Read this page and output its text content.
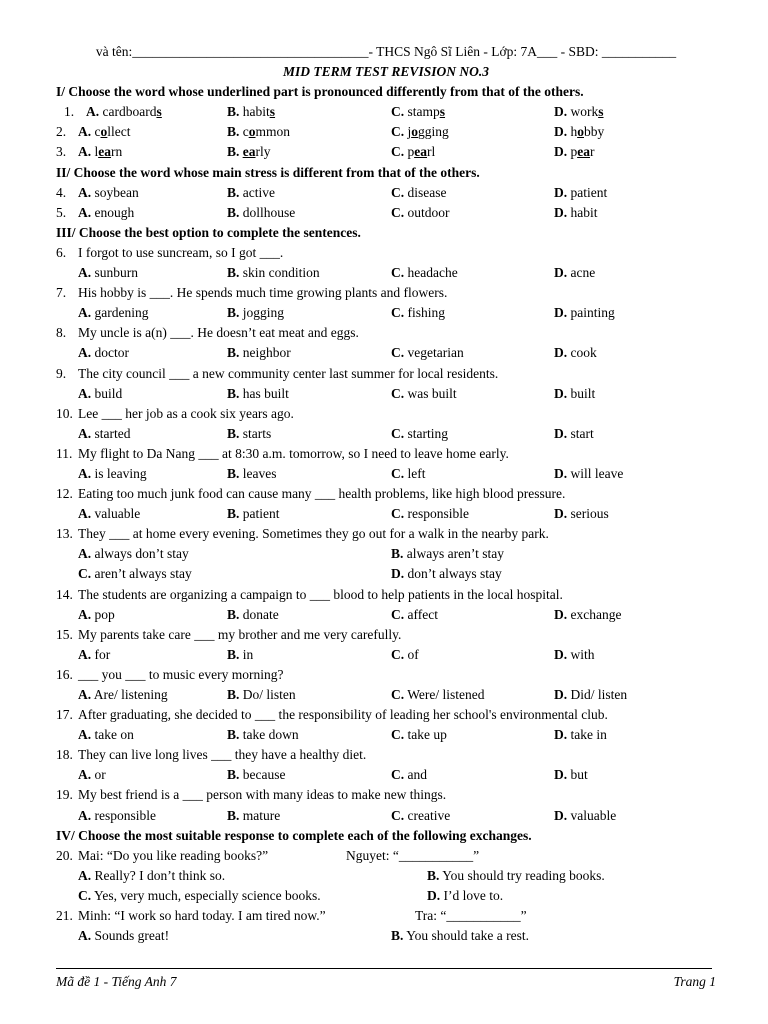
và tên:___________________________________- THCS Ngô Sĩ Liên - Lớp: 7A___ - SBD: ___________
MID TERM TEST REVISION NO.3
I/ Choose the word whose underlined part is pronounced differently from that of the others.
1. A. cardboards	B. habits	C. stamps	D. works
2. A. collect	B. common	C. jogging	D. hobby
3. A. learn	B. early	C. pearl	D. pear
II/ Choose the word whose main stress is different from that of the others.
4. A. soybean	B. active	C. disease	D. patient
5. A. enough	B. dollhouse	C. outdoor	D. habit
III/ Choose the best option to complete the sentences.
6. I forgot to use suncream, so I got ___.
A. sunburn	B. skin condition	C. headache	D. acne
7. His hobby is ___. He spends much time growing plants and flowers.
A. gardening	B. jogging	C. fishing	D. painting
8. My uncle is a(n) ___. He doesn’t eat meat and eggs.
A. doctor	B. neighbor	C. vegetarian	D. cook
9. The city council ___ a new community center last summer for local residents.
A. build	B. has built	C. was built	D. built
10. Lee ___ her job as a cook six years ago.
A. started	B. starts	C. starting	D. start
11. My flight to Da Nang ___ at 8:30 a.m. tomorrow, so I need to leave home early.
A. is leaving	B. leaves	C. left	D. will leave
12. Eating too much junk food can cause many ___ health problems, like high blood pressure.
A. valuable	B. patient	C. responsible	D. serious
13. They ___ at home every evening. Sometimes they go out for a walk in the nearby park.
A. always don’t stay	B. always aren’t stay
C. aren’t always stay	D. don’t always stay
14. The students are organizing a campaign to ___ blood to help patients in the local hospital.
A. pop	B. donate	C. affect	D. exchange
15. My parents take care ___ my brother and me very carefully.
A. for	B. in	C. of	D. with
16. ___ you ___ to music every morning?
A. Are/ listening	B. Do/ listen	C. Were/ listened	D. Did/ listen
17. After graduating, she decided to ___ the responsibility of leading her school's environmental club.
A. take on	B. take down	C. take up	D. take in
18. They can live long lives ___ they have a healthy diet.
A. or	B. because	C. and	D. but
19. My best friend is a ___ person with many ideas to make new things.
A. responsible	B. mature	C. creative	D. valuable
IV/ Choose the most suitable response to complete each of the following exchanges.
20. Mai: “Do you like reading books?”	Nguyet: “___________”
A. Really? I don’t think so.	B. You should try reading books.
C. Yes, very much, especially science books.	D. I’d love to.
21. Minh: “I work so hard today. I am tired now.”	Tra: “___________”
A. Sounds great!	B. You should take a rest.
Mã đề 1 - Tiếng Anh 7	Trang 1
